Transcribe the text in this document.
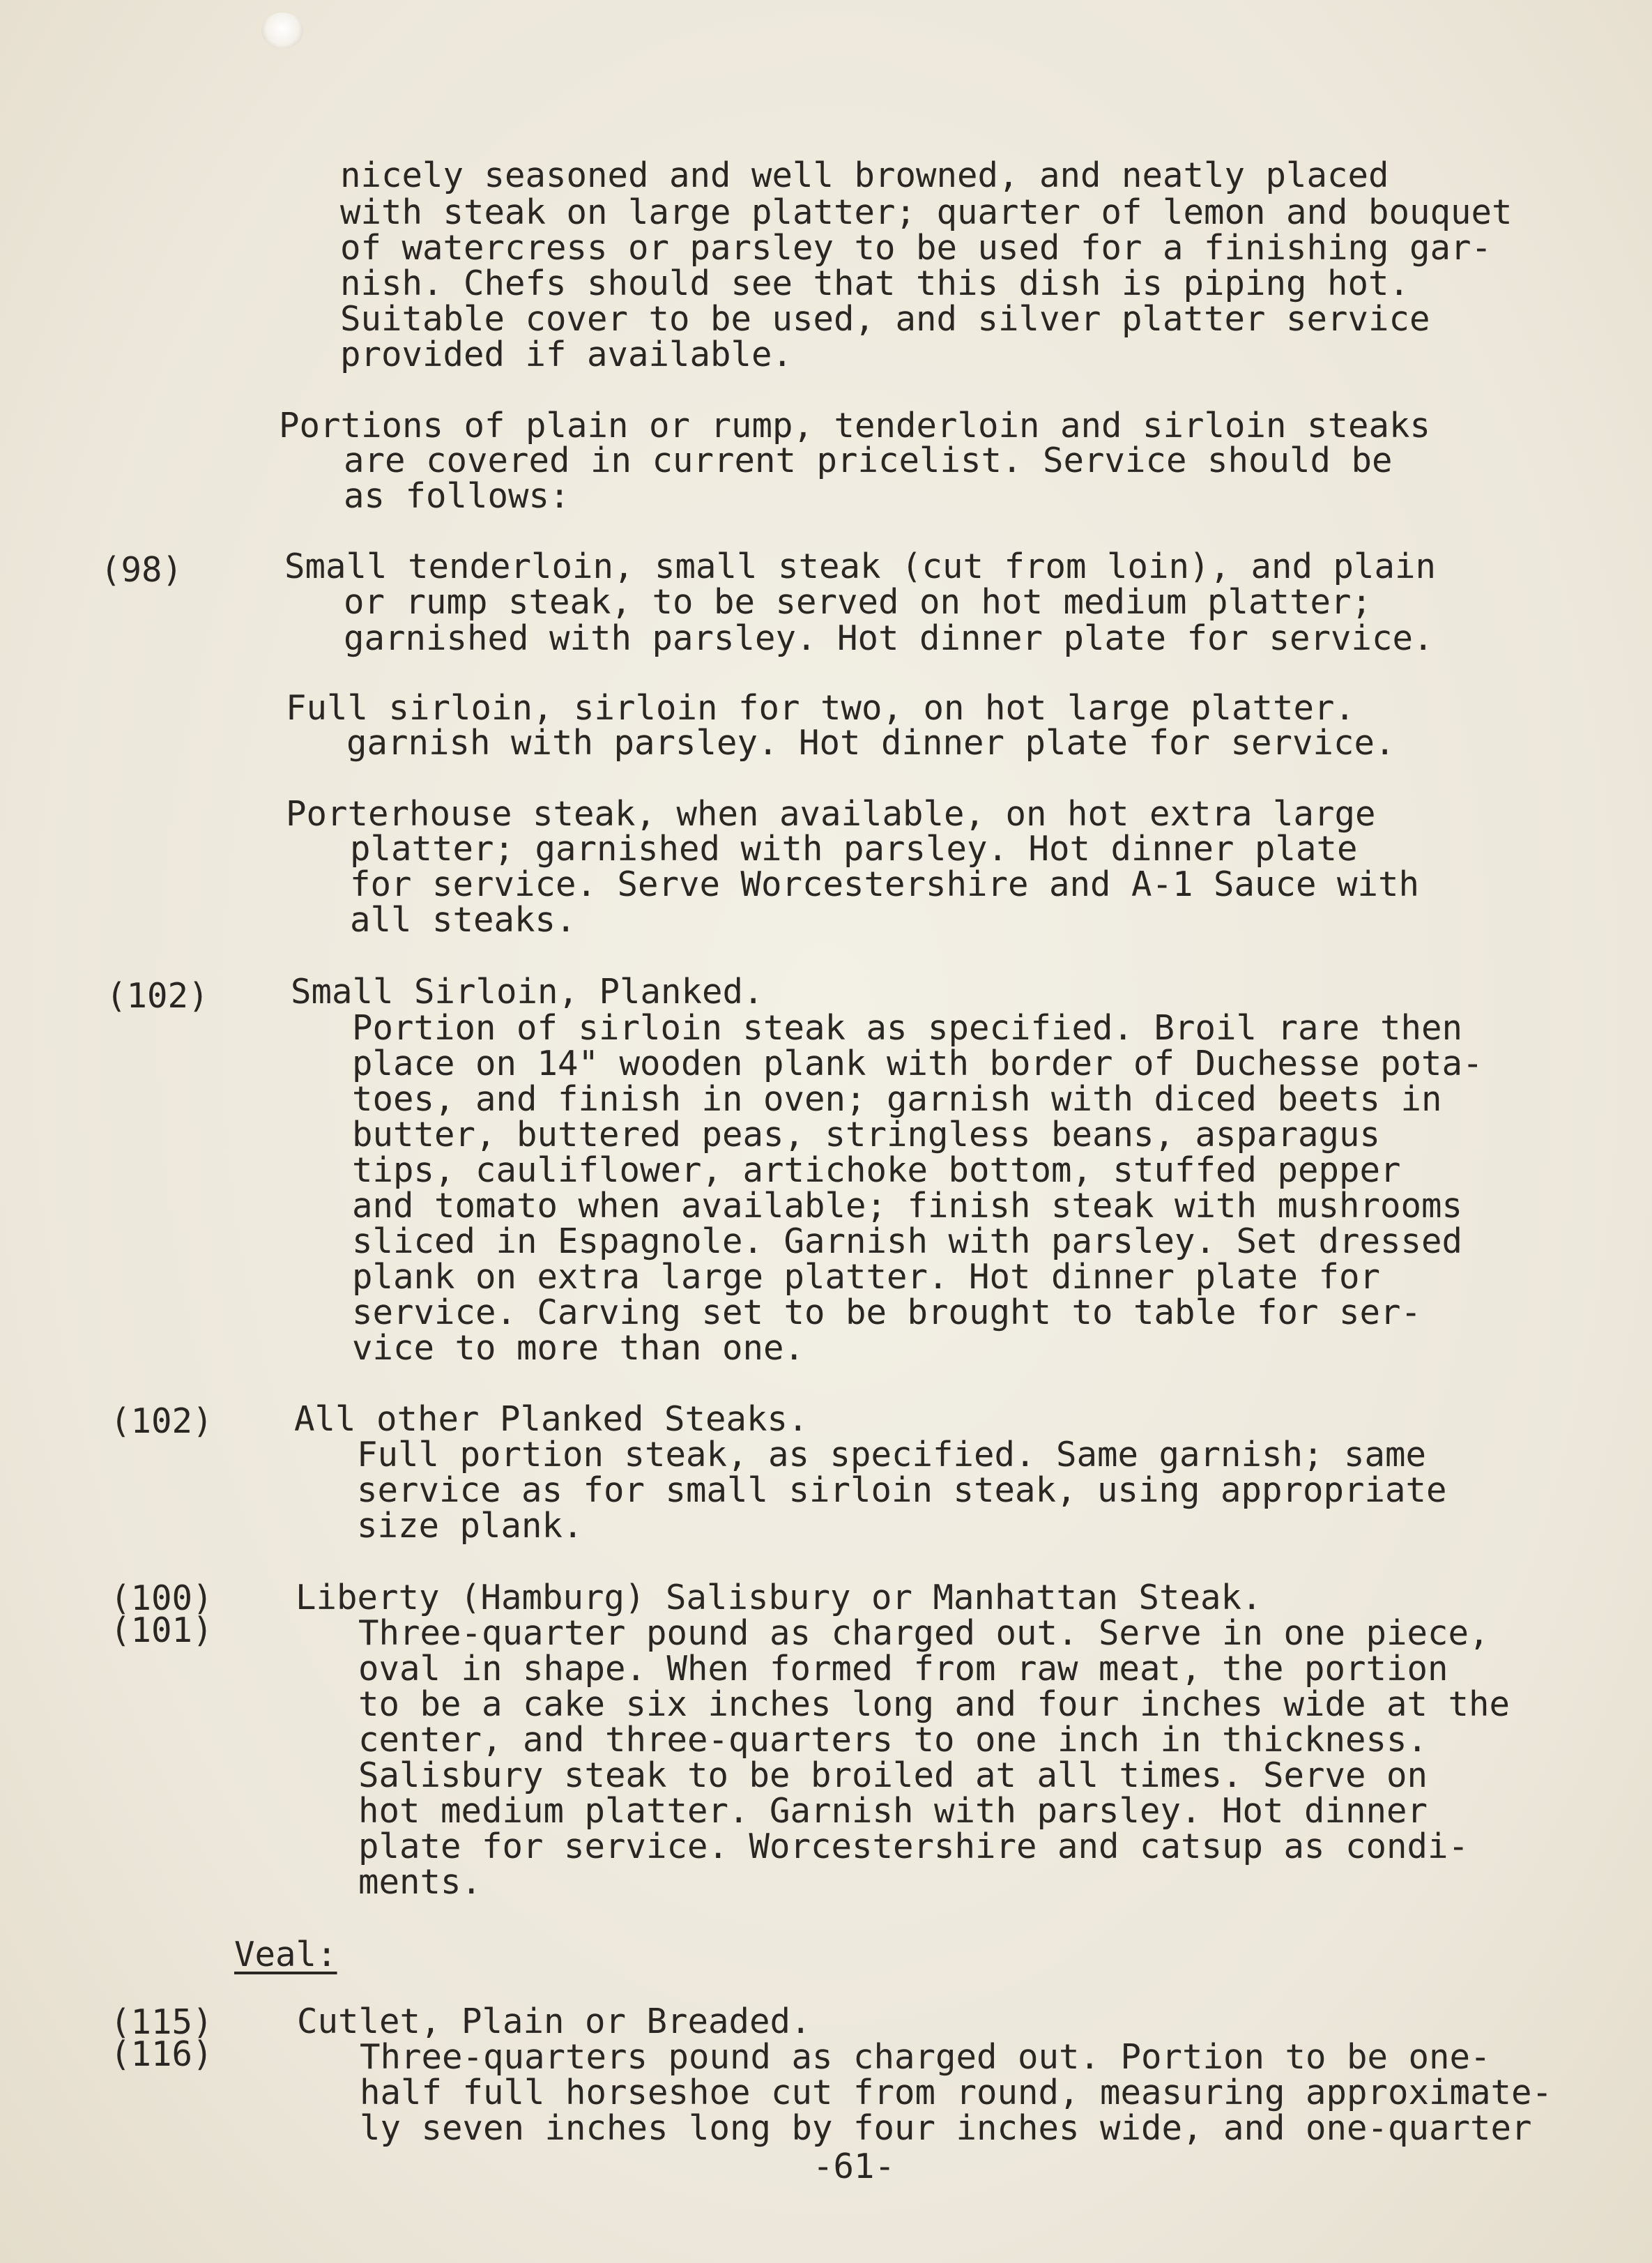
nicely seasoned and well browned, and neatly placed
with steak on large platter; quarter of lemon and bouquet
of watercress or parsley to be used for a finishing gar-
nish. Chefs should see that this dish is piping hot.
Suitable cover to be used, and silver platter service
provided if available.
Portions of plain or rump, tenderloin and sirloin steaks
are covered in current pricelist. Service should be
as follows:
(98)	Small tenderloin, small steak (cut from loin), and plain
or rump steak, to be served on hot medium platter;
garnished with parsley. Hot dinner plate for service.
Full sirloin, sirloin for two, on hot large platter.
garnish with parsley. Hot dinner plate for service.
Porterhouse steak, when available, on hot extra large
platter; garnished with parsley. Hot dinner plate
for service. Serve Worcestershire and A-1 Sauce with
all steaks.
(102) Small Sirloin, Planked.
Portion of sirloin steak as specified. Broil rare then
place on 14" wooden plank with border of Duchesse pota-
toes, and finish in oven; garnish with diced beets in
butter, buttered peas, stringless beans, asparagus
tips, cauliflower, artichoke bottom, stuffed pepper
and tomato when available; finish steak with mushrooms
sliced in Espagnole. Garnish with parsley. Set dressed
plank on extra large platter. Hot dinner plate for
service. Carving set to be brought to table for ser-
vice to more than one.
(102) All other Planked Steaks.
Full portion steak, as specified. Same garnish; same
service as for small sirloin steak, using appropriate
size plank.
(100)
(101)
Liberty (Hamburg) Salisbury or Manhattan Steak.
Three-quarter pound as charged out. Serve in one piece,
oval in shape. When formed from raw meat, the portion
to be a cake six inches long and four inches wide at the
center, and three-quarters to one inch in thickness.
Salisbury steak to be broiled at all times. Serve on
hot medium platter. Garnish with parsley. Hot dinner
plate for service. Worcestershire and catsup as condi-
ments.
Veal:
(115)
(116)
Cutlet, Plain or Breaded.
Three-quarters pound as charged out. Portion to be one-
half full horseshoe cut from round, measuring approximate-
ly seven inches long by four inches wide, and one-quarter
-61-
